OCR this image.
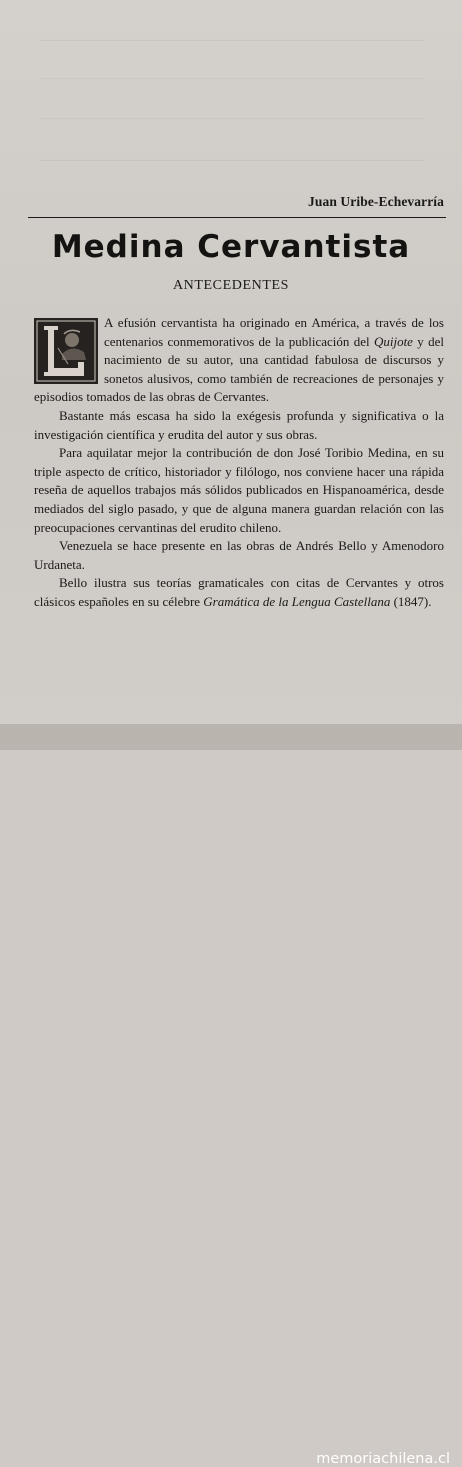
Juan Uribe-Echevarría
Medina Cervantista
ANTECEDENTES

A efusión cervantista ha originado en América, a través de los centenarios conmemorativos de la publicación del Quijote y del nacimiento de su autor, una cantidad fabulosa de discursos y sonetos alusivos, como también de recreaciones de personajes y episodios tomados de las obras de Cervantes.

Bastante más escasa ha sido la exégesis profunda y significativa o la investigación científica y erudita del autor y sus obras.

Para aquilatar mejor la contribución de don José Toribio Medina, en su triple aspecto de crítico, historiador y filólogo, nos conviene hacer una rápida reseña de aquellos trabajos más sólidos publicados en Hispanoamérica, desde mediados del siglo pasado, y que de alguna manera guardan relación con las preocupaciones cervantinas del erudito chileno.

Venezuela se hace presente en las obras de Andrés Bello y Amenodoro Urdaneta.

Bello ilustra sus teorías gramaticales con citas de Cervantes y otros clásicos españoles en su célebre Gramática de la Lengua Castellana (1847).

memoriachilena.cl
